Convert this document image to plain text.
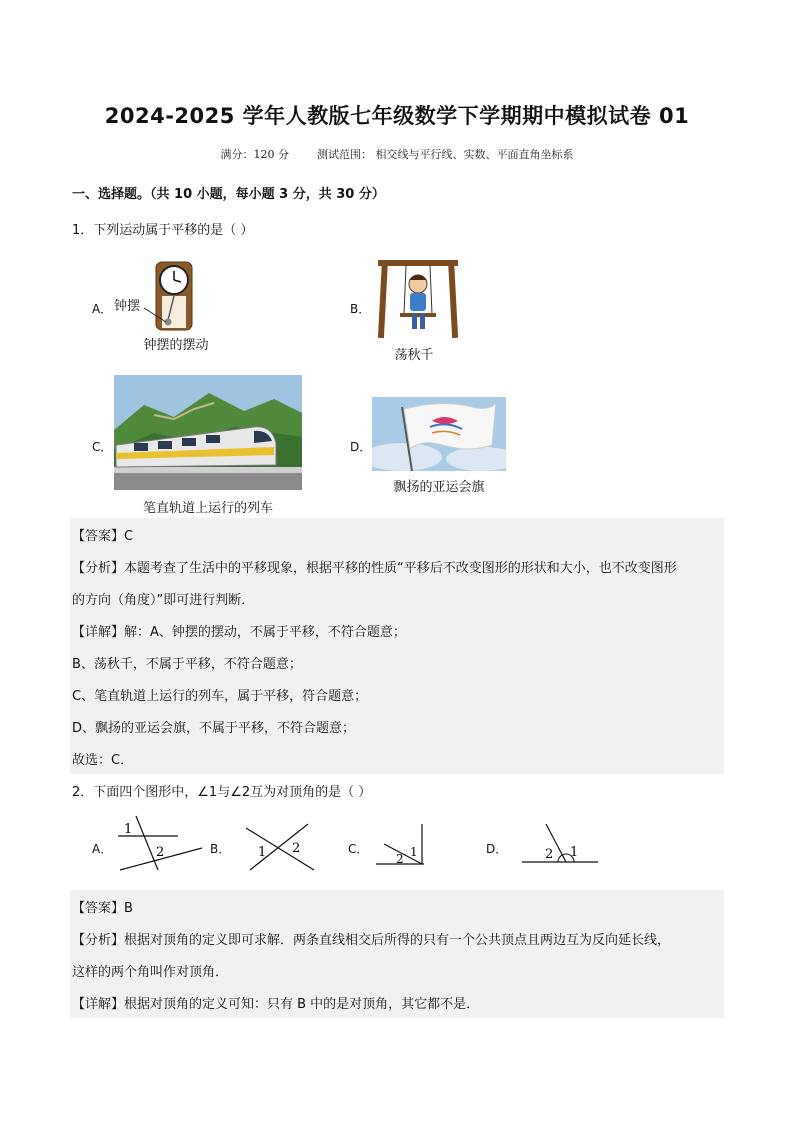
2024-2025 学年人教版七年级数学下学期期中模拟试卷 01
满分：120 分	测试范围： 相交线与平行线、实数、平面直角坐标系
一、选择题。（共 10 小题，每小题 3 分，共 30 分）
1．下列运动属于平移的是（ ）
A． 钟摆
钟摆的摆动
B．
荡秋千
C．
笔直轨道上运行的列车
D．
飘扬的亚运会旗
【答案】C
【分析】本题考查了生活中的平移现象，根据平移的性质“平移后不改变图形的形状和大小，也不改变图形
的方向（角度）”即可进行判断．
【详解】解：A、钟摆的摆动，不属于平移，不符合题意；
B、荡秋千，不属于平移，不符合题意；
C、笔直轨道上运行的列车，属于平移，符合题意；
D、飘扬的亚运会旗，不属于平移，不符合题意；
故选：C．
2．下面四个图形中，∠1与∠2互为对顶角的是（ ）
A．
1
2	B． 1 2	C．	1
2
D．	1
2
【答案】B
【分析】根据对顶角的定义即可求解．两条直线相交后所得的只有一个公共顶点且两边互为反向延长线，
这样的两个角叫作对顶角．
【详解】根据对顶角的定义可知：只有 B 中的是对顶角，其它都不是．
